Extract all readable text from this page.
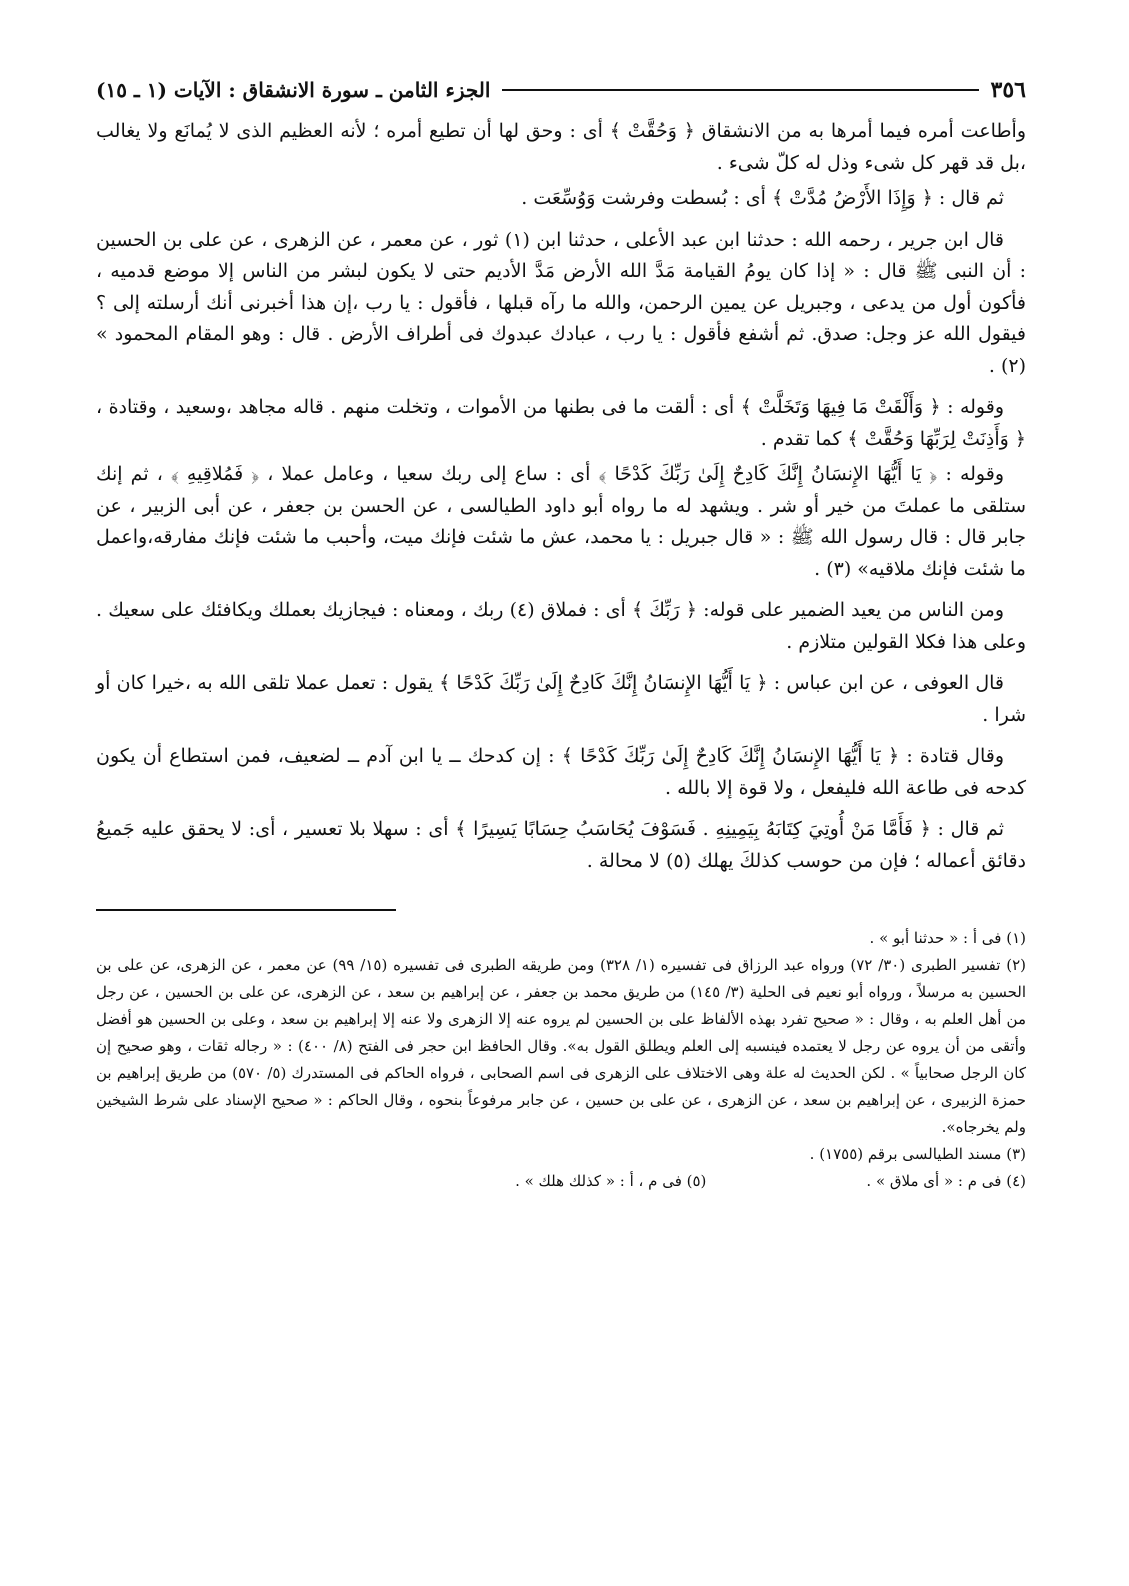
٣٥٦
الجزء الثامن ـ سورة الانشقاق : الآيات (١ ـ ١٥)

وأطاعت أمره فيما أمرها به من الانشقاق ﴿ وَحُقَّتْ ﴾ أى : وحق لها أن تطيع أمره ؛ لأنه العظيم الذى لا يُمانَع ولا يغالب ،بل قد قهر كل شىء وذل له كلّ شىء .

ثم قال : ﴿ وَإِذَا الأَرْضُ مُدَّتْ ﴾ أى : بُسطت وفرشت وَوُسِّعَت .

قال ابن جرير ، رحمه الله : حدثنا ابن عبد الأعلى ، حدثنا ابن (١) ثور ، عن معمر ، عن الزهرى ، عن على بن الحسين : أن النبى ﷺ قال : « إذا كان يومُ القيامة مَدَّ الله الأرض مَدَّ الأديم حتى لا يكون لبشر من الناس إلا موضع قدميه ، فأكون أول من يدعى ، وجبريل عن يمين الرحمن، والله ما رآه قبلها ، فأقول : يا رب ،إن هذا أخبرنى أنك أرسلته إلى ؟ فيقول الله عز وجل: صدق. ثم أشفع فأقول : يا رب ، عبادك عبدوك فى أطراف الأرض . قال : وهو المقام المحمود » (٢) .

وقوله : ﴿ وَأَلْقَتْ مَا فِيهَا وَتَخَلَّتْ ﴾ أى : ألقت ما فى بطنها من الأموات ، وتخلت منهم . قاله مجاهد ،وسعيد ، وقتادة ، ﴿ وَأَذِنَتْ لِرَبِّهَا وَحُقَّتْ ﴾ كما تقدم .

وقوله : ﴿ يَا أَيُّهَا الإِنسَانُ إِنَّكَ كَادِحٌ إِلَىٰ رَبِّكَ كَدْحًا ﴾ أى : ساع إلى ربك سعيا ، وعامل عملا ، ﴿ فَمُلاقِيهِ ﴾ ، ثم إنك ستلقى ما عملتَ من خير أو شر . ويشهد له ما رواه أبو داود الطيالسى ، عن الحسن بن جعفر ، عن أبى الزبير ، عن جابر قال : قال رسول الله ﷺ : « قال جبريل : يا محمد، عش ما شئت فإنك ميت، وأحبب ما شئت فإنك مفارقه،واعمل ما شئت فإنك ملاقيه» (٣) .

ومن الناس من يعيد الضمير على قوله: ﴿ رَبِّكَ ﴾ أى : فملاق (٤) ربك ، ومعناه : فيجازيك بعملك ويكافئك على سعيك . وعلى هذا فكلا القولين متلازم .

قال العوفى ، عن ابن عباس : ﴿ يَا أَيُّهَا الإِنسَانُ إِنَّكَ كَادِحٌ إِلَىٰ رَبِّكَ كَدْحًا ﴾ يقول : تعمل عملا تلقى الله به ،خيرا كان أو شرا .

وقال قتادة : ﴿ يَا أَيُّهَا الإِنسَانُ إِنَّكَ كَادِحٌ إِلَىٰ رَبِّكَ كَدْحًا ﴾ : إن كدحك ــ يا ابن آدم ــ لضعيف، فمن استطاع أن يكون كدحه فى طاعة الله فليفعل ، ولا قوة إلا بالله .

ثم قال : ﴿ فَأَمَّا مَنْ أُوتِيَ كِتَابَهُ بِيَمِينِهِ . فَسَوْفَ يُحَاسَبُ حِسَابًا يَسِيرًا ﴾ أى : سهلا بلا تعسير ، أى: لا يحقق عليه جَميعُ دقائق أعماله ؛ فإن من حوسب كذلكَ يهلك (٥) لا محالة .

(١) فى أ : « حدثنا أبو » .

(٢) تفسير الطبرى (٣٠/ ٧٢) ورواه عبد الرزاق فى تفسيره (١/ ٣٢٨) ومن طريقه الطبرى فى تفسيره (١٥/ ٩٩) عن معمر ، عن الزهرى، عن على بن الحسين به مرسلاً ، ورواه أبو نعيم فى الحلية (٣/ ١٤٥) من طريق محمد بن جعفر ، عن إبراهيم بن سعد ، عن الزهرى، عن على بن الحسين ، عن رجل من أهل العلم به ، وقال : « صحيح تفرد بهذه الألفاظ على بن الحسين لم يروه عنه إلا الزهرى ولا عنه إلا إبراهيم بن سعد ، وعلى بن الحسين هو أفضل وأتقى من أن يروه عن رجل لا يعتمده فينسبه إلى العلم ويطلق القول به». وقال الحافظ ابن حجر فى الفتح (٨/ ٤٠٠) : « رجاله ثقات ، وهو صحيح إن كان الرجل صحابياً » . لكن الحديث له علة وهى الاختلاف على الزهرى فى اسم الصحابى ، فرواه الحاكم فى المستدرك (٥/ ٥٧٠) من طريق إبراهيم بن حمزة الزبيرى ، عن إبراهيم بن سعد ، عن الزهرى ، عن على بن حسين ، عن جابر مرفوعاً بنحوه ، وقال الحاكم : « صحيح الإسناد على شرط الشيخين ولم يخرجاه».

(٣) مسند الطيالسى برقم (١٧٥٥) .

(٤) فى م : « أى ملاق » .

(٥) فى م ، أ : « كذلك هلك » .
